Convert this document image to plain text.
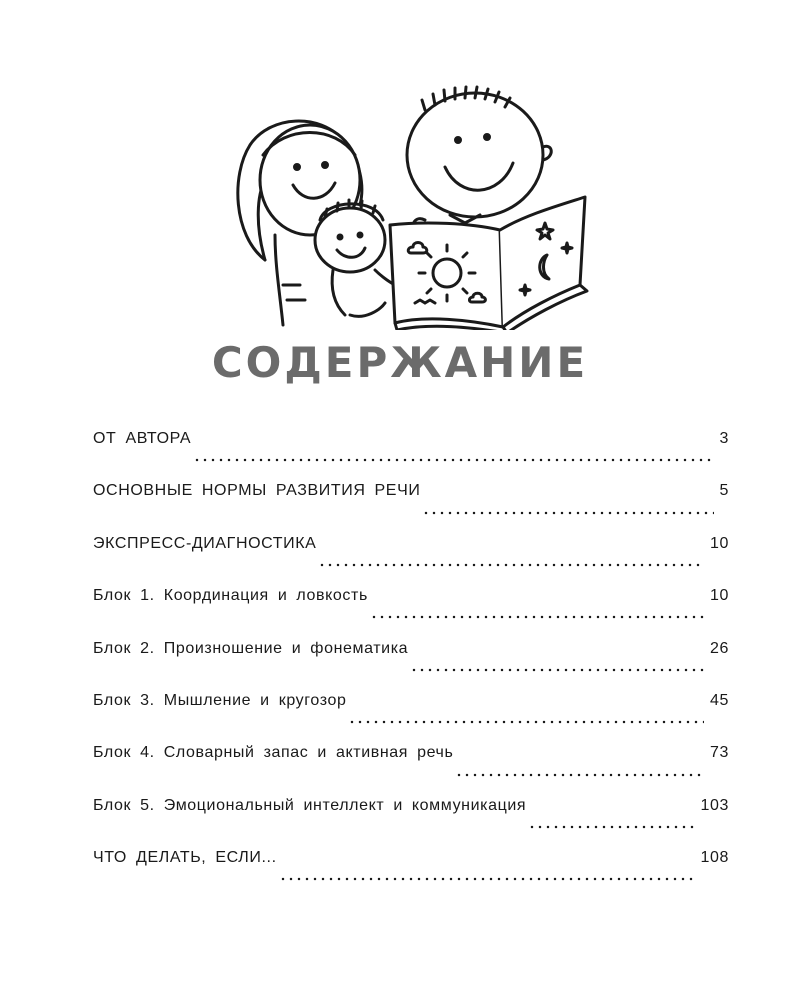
СОДЕРЖАНИЕ
ОТ АВТОРА	3
ОСНОВНЫЕ НОРМЫ РАЗВИТИЯ РЕЧИ	5
ЭКСПРЕСС-ДИАГНОСТИКА	10
Блок 1. Координация и ловкость	10
Блок 2. Произношение и фонематика	26
Блок 3. Мышление и кругозор	45
Блок 4. Словарный запас и активная речь	73
Блок 5. Эмоциональный интеллект и коммуникация	103
ЧТО ДЕЛАТЬ, ЕСЛИ...	108
